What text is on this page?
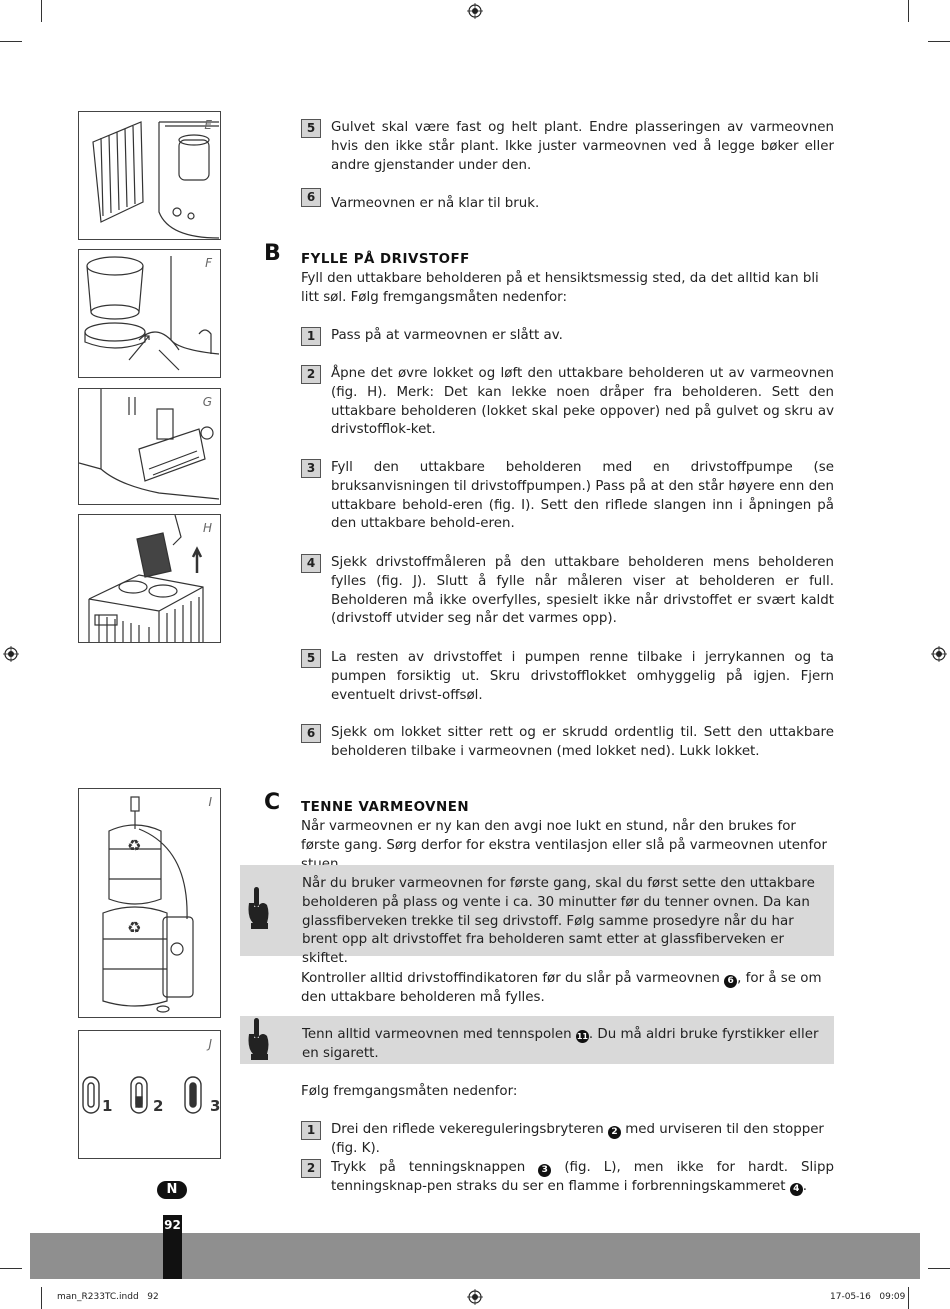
E
F
G
H
I
♻
♻
J
1	2	3
5	Gulvet skal være fast og helt plant. Endre plasseringen av varmeovnen hvis den ikke står plant. Ikke juster varmeovnen ved å legge bøker eller andre gjenstander under den.
6	Varmeovnen er nå klar til bruk.
B FYLLE PÅ DRIVSTOFF
Fyll den uttakbare beholderen på et hensiktsmessig sted, da det alltid kan bli litt søl. Følg fremgangsmåten nedenfor:
1	Pass på at varmeovnen er slått av.
2	Åpne det øvre lokket og løft den uttakbare beholderen ut av varmeovnen (fig. H). Merk: Det kan lekke noen dråper fra beholderen. Sett den uttakbare beholderen (lokket skal peke oppover) ned på gulvet og skru av drivstofflok-ket.
3	Fyll den uttakbare beholderen med en drivstoffpumpe (se bruksanvisningen til drivstoffpumpen.) Pass på at den står høyere enn den uttakbare behold-eren (fig. I). Sett den riflede slangen inn i åpningen på den uttakbare behold-eren.
4	Sjekk drivstoffmåleren på den uttakbare beholderen mens beholderen fylles (fig. J). Slutt å fylle når måleren viser at beholderen er full. Beholderen må ikke overfylles, spesielt ikke når drivstoffet er svært kaldt (drivstoff utvider seg når det varmes opp).
5	La resten av drivstoffet i pumpen renne tilbake i jerrykannen og ta pumpen forsiktig ut. Skru drivstofflokket omhyggelig på igjen. Fjern eventuelt drivst-offsøl.
6	Sjekk om lokket sitter rett og er skrudd ordentlig til. Sett den uttakbare beholderen tilbake i varmeovnen (med lokket ned). Lukk lokket.
C TENNE VARMEOVNEN
Når varmeovnen er ny kan den avgi noe lukt en stund, når den brukes for første gang. Sørg derfor for ekstra ventilasjon eller slå på varmeovnen utenfor
Når du bruker varmeovnen for første gang, skal du først sette den uttakbare beholderen på plass og vente i ca. 30 minutter før du tenner ovnen. Da kan glassfiberveken trekke til seg drivstoff. Følg samme prosedyre når du har brent opp alt drivstoffet fra beholderen samt etter at glassfiberveken er skiftet.
Kontroller alltid drivstoffindikatoren før du slår på varmeovnen 6 , for å se om den uttakbare beholderen må fylles.
Tenn alltid varmeovnen med tennspolen 11. Du må aldri bruke fyrstikker eller en sigarett.
Følg fremgangsmåten nedenfor:
1	Drei den riflede vekereguleringsbryteren 2 med urviseren til den stopper (fig. K).
2	Trykk på tenningsknappen 3 (fig. L), men ikke for hardt. Slipp tenningsknap-pen straks du ser en flamme i forbrenningskammeret 4 .
N
92
man_R233TC.indd   92	17-05-16   09:09
